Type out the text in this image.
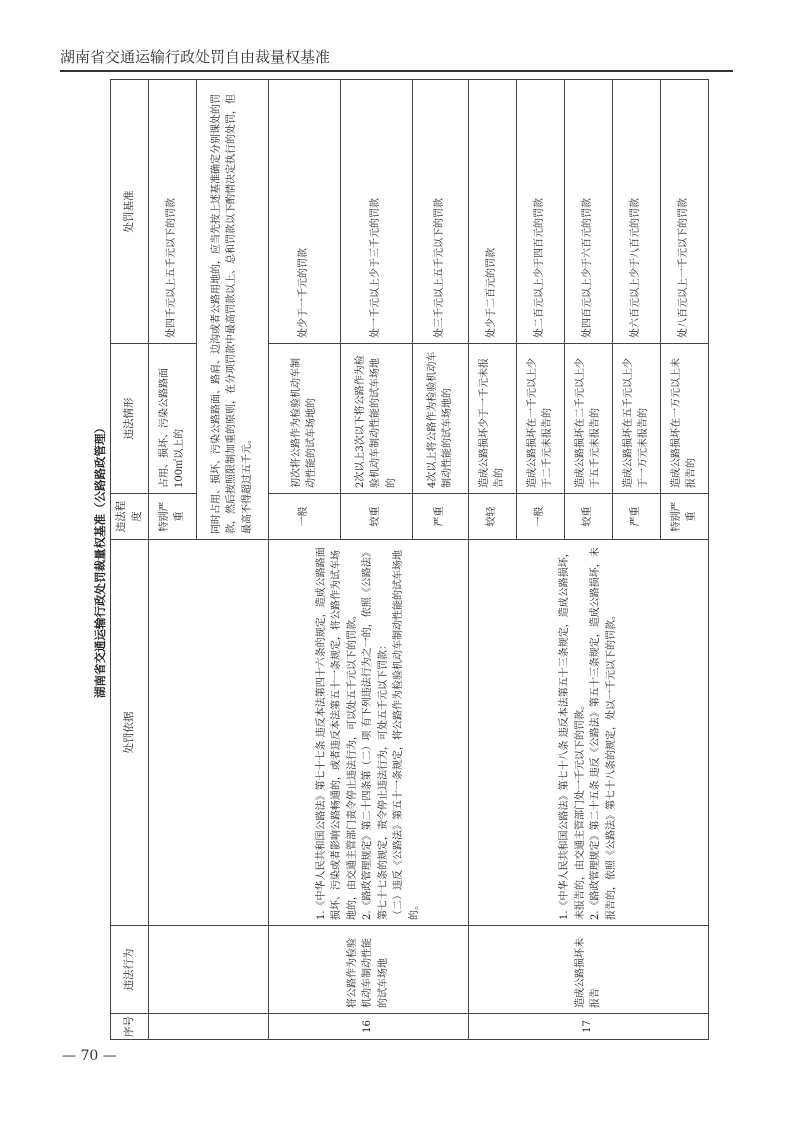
湖南省交通运输行政处罚自由裁量权基准
湖南省交通运输行政处罚裁量权基准（公路路政管理）
序号	违法行为	处罚依据	违法程度	违法情形	处罚基准
			特别严重	占用、损坏、污染公路路面100㎡以上的	处四千元以上五千元以下的罚款
			同时占用、损坏、污染公路路面、路肩、边沟或者公路用地的，应当先按上述基准确定分别课处的罚款，然后按照限制加重的原则，在分项罚款中最高罚款以上、总和罚款以下酌情决定执行的处罚，但最高不得超过五千元。		
16	将公路作为检验机动车制动性能的试车场地	1.《中华人民共和国公路法》第七十七条 违反本法第四十六条的规定，造成公路路面损坏、污染或者影响公路畅通的，或者违反本法第五十一条规定，将公路作为试车场地的，由交通主管部门责令停止违法行为，可以处五千元以下的罚款。 2.《路政管理规定》第二十四条第（二）项 有下列违法行为之一的，依照《公路法》第七十七条的规定，责令停止违法行为，可处五千元以下罚款： （二）违反《公路法》第五十一条规定，将公路作为检验机动车制动性能的试车场地的。	一般	初次将公路作为检验机动车制动性能的试车场地的	处少于一千元的罚款
			较重	2次以上3次以下将公路作为检验机动车制动性能的试车场地的	处一千元以上少于三千元的罚款
			严重	4次以上将公路作为检验机动车制动性能的试车场地的	处三千元以上五千元以下的罚款
17	造成公路损坏未报告	1.《中华人民共和国公路法》第七十八条 违反本法第五十三条规定，造成公路损坏，未报告的，由交通主管部门处一千元以下的罚款。 2.《路政管理规定》第二十五条 违反《公路法》第五十三条规定，造成公路损坏，未报告的，依照《公路法》第七十八条的规定，处以一千元以下的罚款。	较轻	造成公路损坏少于一千元未报告的	处少于二百元的罚款
			一般	造成公路损坏在一千元以上少于二千元未报告的	处二百元以上少于四百元的罚款
			较重	造成公路损坏在二千元以上少于五千元未报告的	处四百元以上少于六百元的罚款
			严重	造成公路损坏在五千元以上少于一万元未报告的	处六百元以上少于八百元的罚款
			特别严重	造成公路损坏在一万元以上未报告的	处八百元以上一千元以下的罚款
— 70 —
